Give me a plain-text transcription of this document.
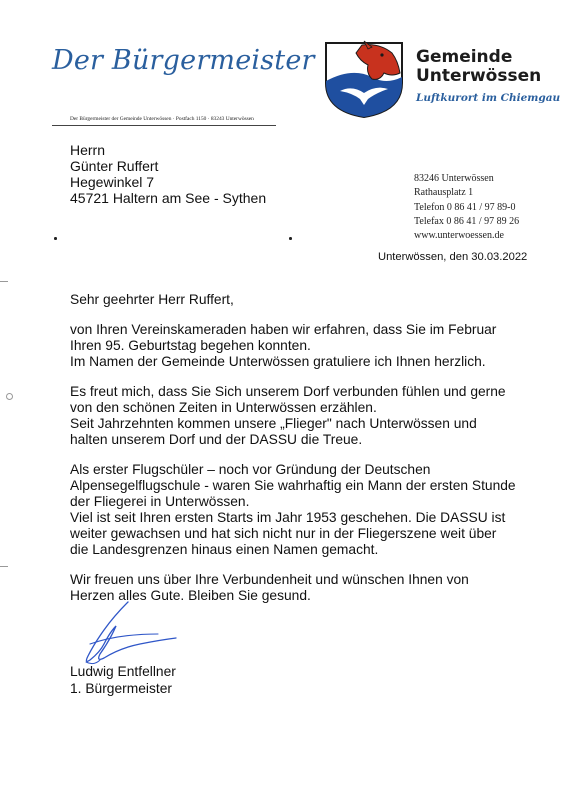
Der Bürgermeister
Der Bürgermeister der Gemeinde Unterwössen · Postfach 1150 · 83243 Unterwössen
Gemeinde
Unterwössen
Luftkurort im Chiemgau
Herrn
Günter Ruffert
Hegewinkel 7
45721 Haltern am See - Sythen
83246 Unterwössen
Rathausplatz 1
Telefon 0 86 41 / 97 89-0
Telefax 0 86 41 / 97 89 26
www.unterwoessen.de
Unterwössen, den 30.03.2022

Sehr geehrter Herr Ruffert,

von Ihren Vereinskameraden haben wir erfahren, dass Sie im Februar
Ihren 95. Geburtstag begehen konnten.
Im Namen der Gemeinde Unterwössen gratuliere ich Ihnen herzlich.

Es freut mich, dass Sie Sich unserem Dorf verbunden fühlen und gerne
von den schönen Zeiten in Unterwössen erzählen.
Seit Jahrzehnten kommen unsere „Flieger" nach Unterwössen und
halten unserem Dorf und der DASSU die Treue.

Als erster Flugschüler – noch vor Gründung der Deutschen
Alpensegelflugschule - waren Sie wahrhaftig ein Mann der ersten Stunde
der Fliegerei in Unterwössen.
Viel ist seit Ihren ersten Starts im Jahr 1953 geschehen. Die DASSU ist
weiter gewachsen und hat sich nicht nur in der Fliegerszene weit über
die Landesgrenzen hinaus einen Namen gemacht.

Wir freuen uns über Ihre Verbundenheit und wünschen Ihnen von
Herzen alles Gute. Bleiben Sie gesund.

Ludwig Entfellner
1. Bürgermeister
